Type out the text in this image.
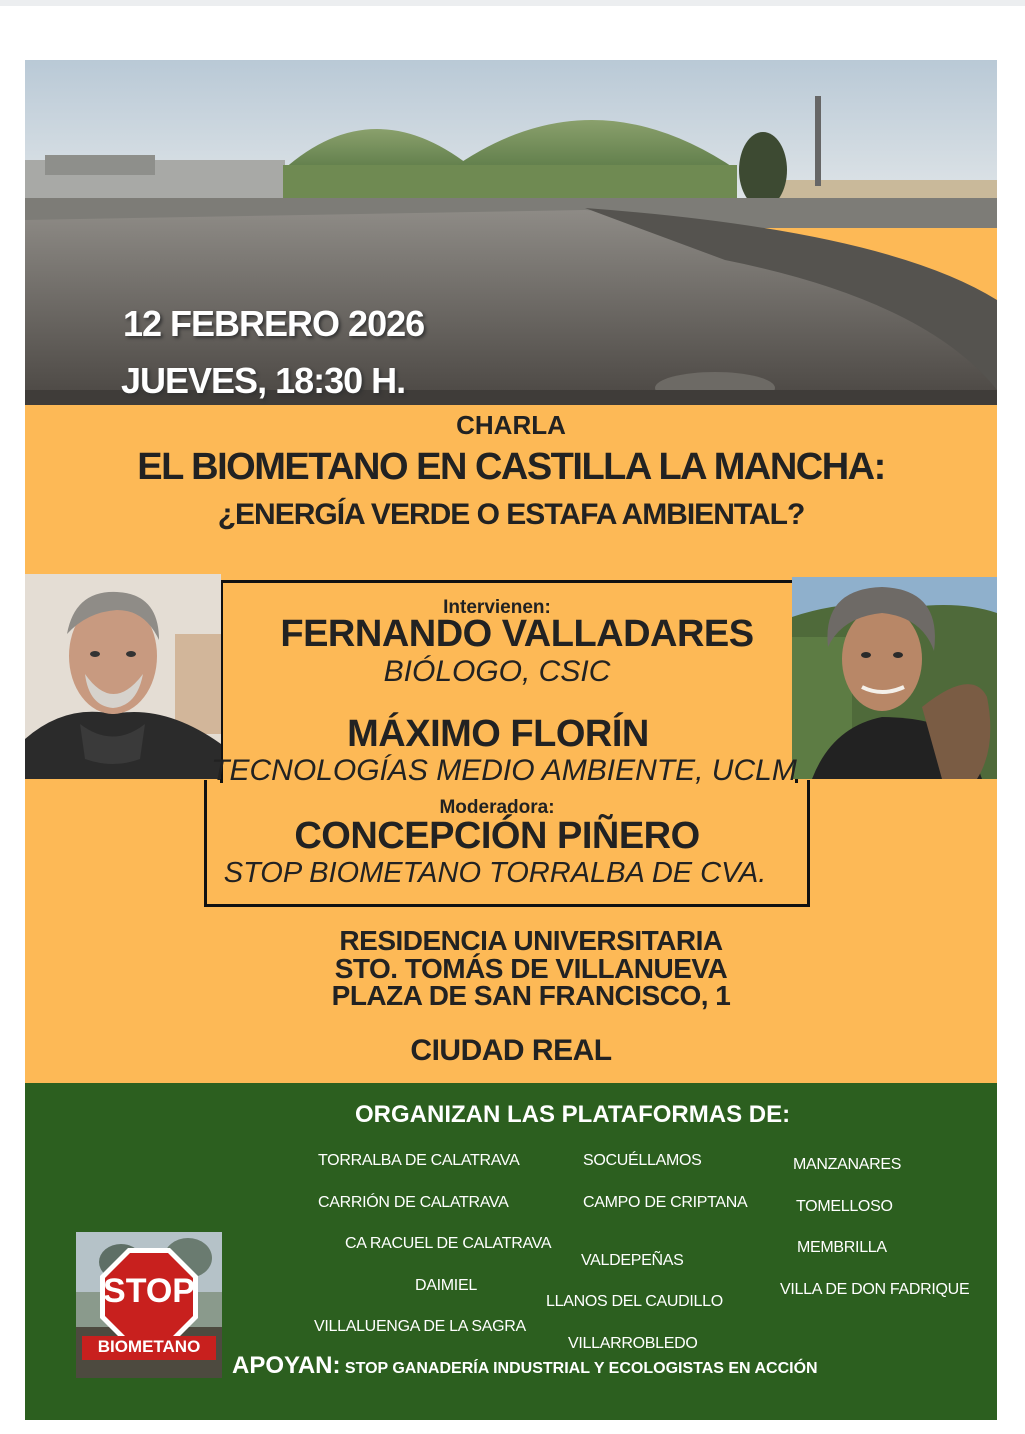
12 FEBRERO 2026
JUEVES, 18:30 H.
CHARLA
EL BIOMETANO EN CASTILLA LA MANCHA:
¿ENERGÍA VERDE O ESTAFA AMBIENTAL?
Intervienen:
FERNANDO VALLADARES
BIÓLOGO, CSIC
MÁXIMO FLORÍN
TECNOLOGÍAS MEDIO AMBIENTE, UCLM
Moderadora:
CONCEPCIÓN PIÑERO
STOP BIOMETANO TORRALBA DE CVA.
RESIDENCIA UNIVERSITARIA
STO. TOMÁS DE VILLANUEVA
PLAZA DE SAN FRANCISCO, 1
CIUDAD REAL
ORGANIZAN LAS PLATAFORMAS DE:
TORRALBA DE CALATRAVA
CARRIÓN DE CALATRAVA
CA RACUEL DE CALATRAVA
DAIMIEL
VILLALUENGA DE LA SAGRA
SOCUÉLLAMOS
CAMPO DE CRIPTANA
VALDEPEÑAS
LLANOS DEL CAUDILLO
VILLARROBLEDO
MANZANARES
TOMELLOSO
MEMBRILLA
VILLA DE DON FADRIQUE
STOP
BIOMETANO
APOYAN: STOP GANADERÍA INDUSTRIAL Y ECOLOGISTAS EN ACCIÓN
